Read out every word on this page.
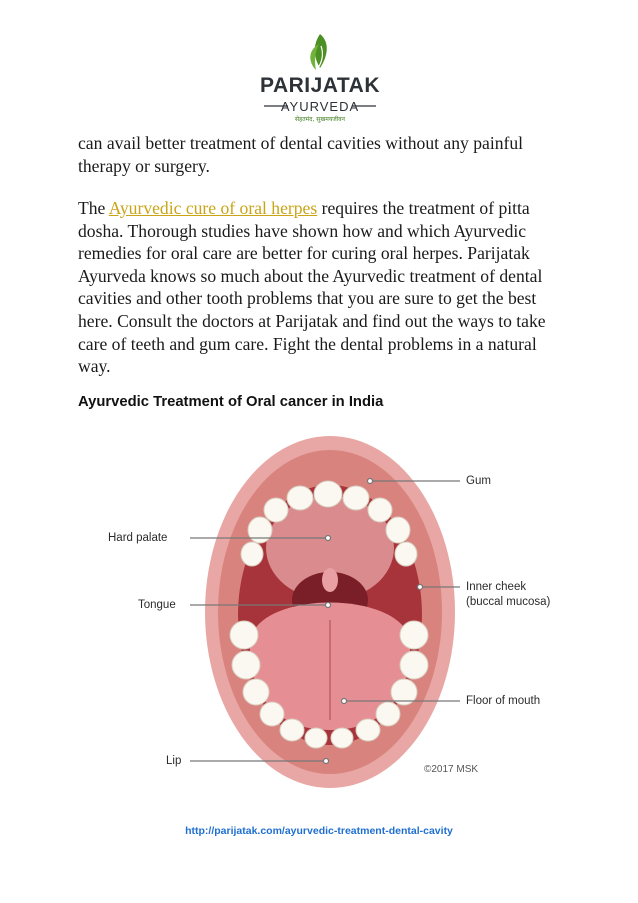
PARIJATAK
AYURVEDA
सेहतमंद, सुखमयजीवन

can avail better treatment of dental cavities without any painful therapy or surgery.

The Ayurvedic cure of oral herpes requires the treatment of pitta dosha. Thorough studies have shown how and which Ayurvedic remedies for oral care are better for curing oral herpes. Parijatak Ayurveda knows so much about the Ayurvedic treatment of dental cavities and other tooth problems that you are sure to get the best here. Consult the doctors at Parijatak and find out the ways to take care of teeth and gum care. Fight the dental problems in a natural way.

Ayurvedic Treatment of Oral cancer in India
Gum
Hard palate
Inner cheek
(buccal mucosa)
Tongue
Floor of mouth
Lip
©2017 MSK
http://parijatak.com/ayurvedic-treatment-dental-cavity
